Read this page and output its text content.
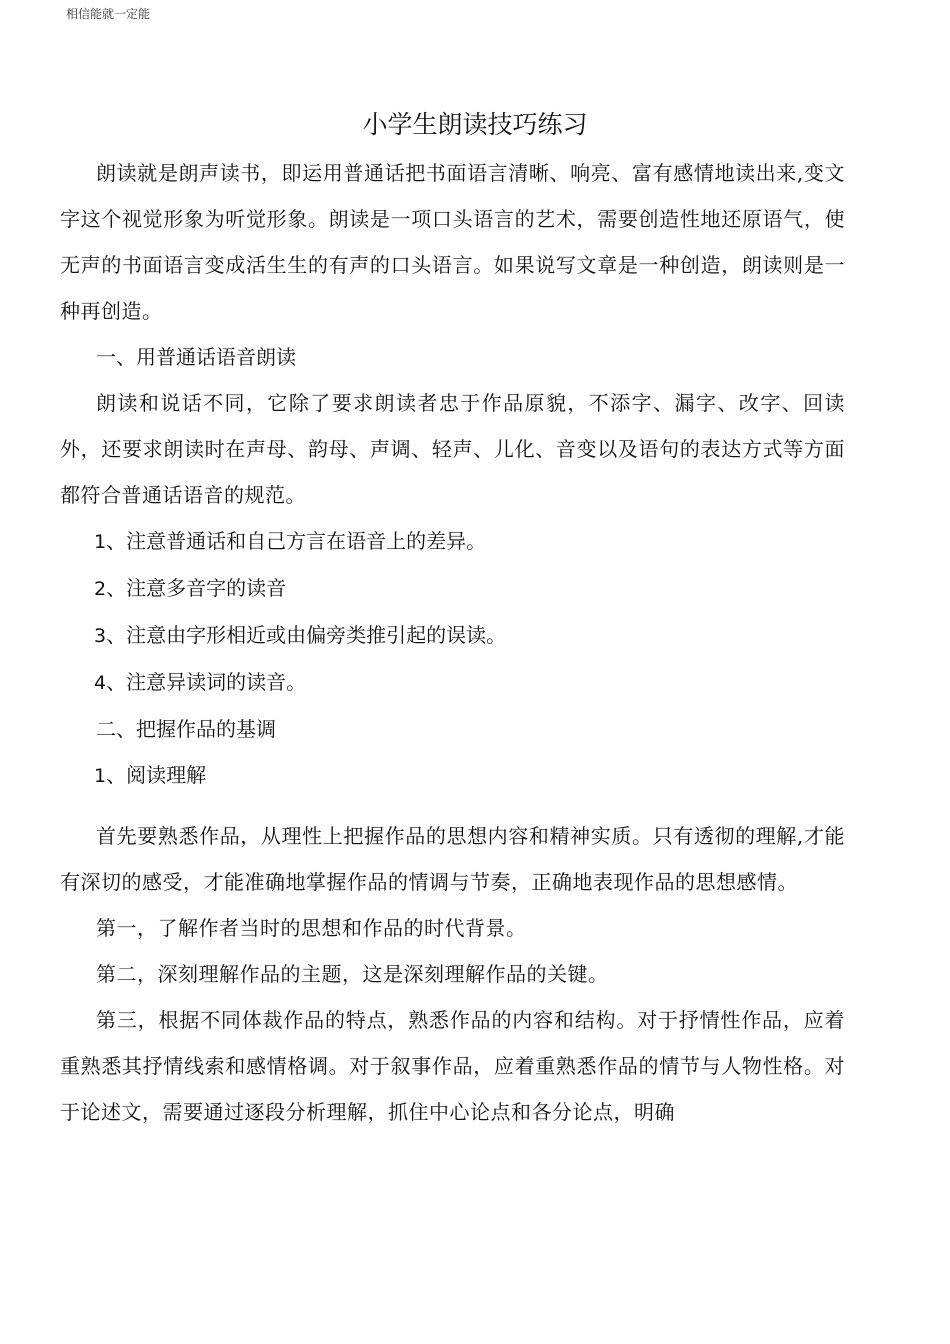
相信能就一定能
小学生朗读技巧练习

朗读就是朗声读书，即运用普通话把书面语言清晰、响亮、富有感情地读出来,变文字这个视觉形象为听觉形象。朗读是一项口头语言的艺术，需要创造性地还原语气，使无声的书面语言变成活生生的有声的口头语言。如果说写文章是一种创造，朗读则是一种再创造。

一、用普通话语音朗读

朗读和说话不同，它除了要求朗读者忠于作品原貌，不添字、漏字、改字、回读外，还要求朗读时在声母、韵母、声调、轻声、儿化、音变以及语句的表达方式等方面都符合普通话语音的规范。

1、注意普通话和自己方言在语音上的差异。

2、注意多音字的读音

3、注意由字形相近或由偏旁类推引起的误读。

4、注意异读词的读音。

二、把握作品的基调

1、阅读理解

首先要熟悉作品，从理性上把握作品的思想内容和精神实质。只有透彻的理解,才能有深切的感受，才能准确地掌握作品的情调与节奏，正确地表现作品的思想感情。

第一，了解作者当时的思想和作品的时代背景。

第二，深刻理解作品的主题，这是深刻理解作品的关键。

第三，根据不同体裁作品的特点，熟悉作品的内容和结构。对于抒情性作品，应着重熟悉其抒情线索和感情格调。对于叙事作品，应着重熟悉作品的情节与人物性格。对于论述文，需要通过逐段分析理解，抓住中心论点和各分论点，明确
